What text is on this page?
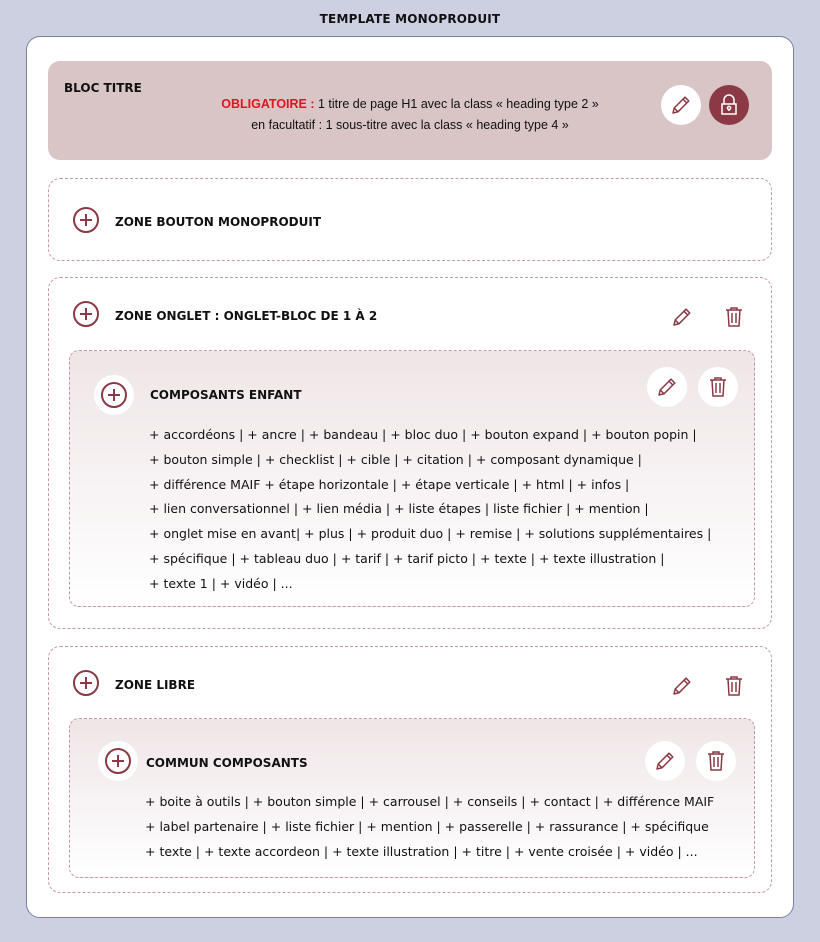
TEMPLATE MONOPRODUIT
BLOC TITRE
OBLIGATOIRE : 1 titre de page H1 avec la class « heading type 2 »
en facultatif : 1 sous-titre avec la class « heading type 4 »
ZONE BOUTON MONOPRODUIT
ZONE ONGLET : ONGLET-BLOC DE 1 À 2
COMPOSANTS ENFANT
+ accordéons | + ancre | + bandeau | + bloc duo | + bouton expand | + bouton popin |
+ bouton simple | + checklist | + cible | + citation | + composant dynamique |
+ différence MAIF + étape horizontale | + étape verticale | + html | + infos |
+ lien conversationnel | + lien média | + liste étapes | liste fichier | + mention |
+ onglet mise en avant| + plus | + produit duo | + remise | + solutions supplémentaires |
+ spécifique | + tableau duo | + tarif | + tarif picto | + texte | + texte illustration |
+ texte 1 | + vidéo | ...
ZONE LIBRE
COMMUN COMPOSANTS
+ boite à outils | + bouton simple | + carrousel | + conseils | + contact | + différence MAIF
+ label partenaire | + liste fichier | + mention | + passerelle | + rassurance | + spécifique
+ texte | + texte accordeon | + texte illustration | + titre | + vente croisée | + vidéo | ...
